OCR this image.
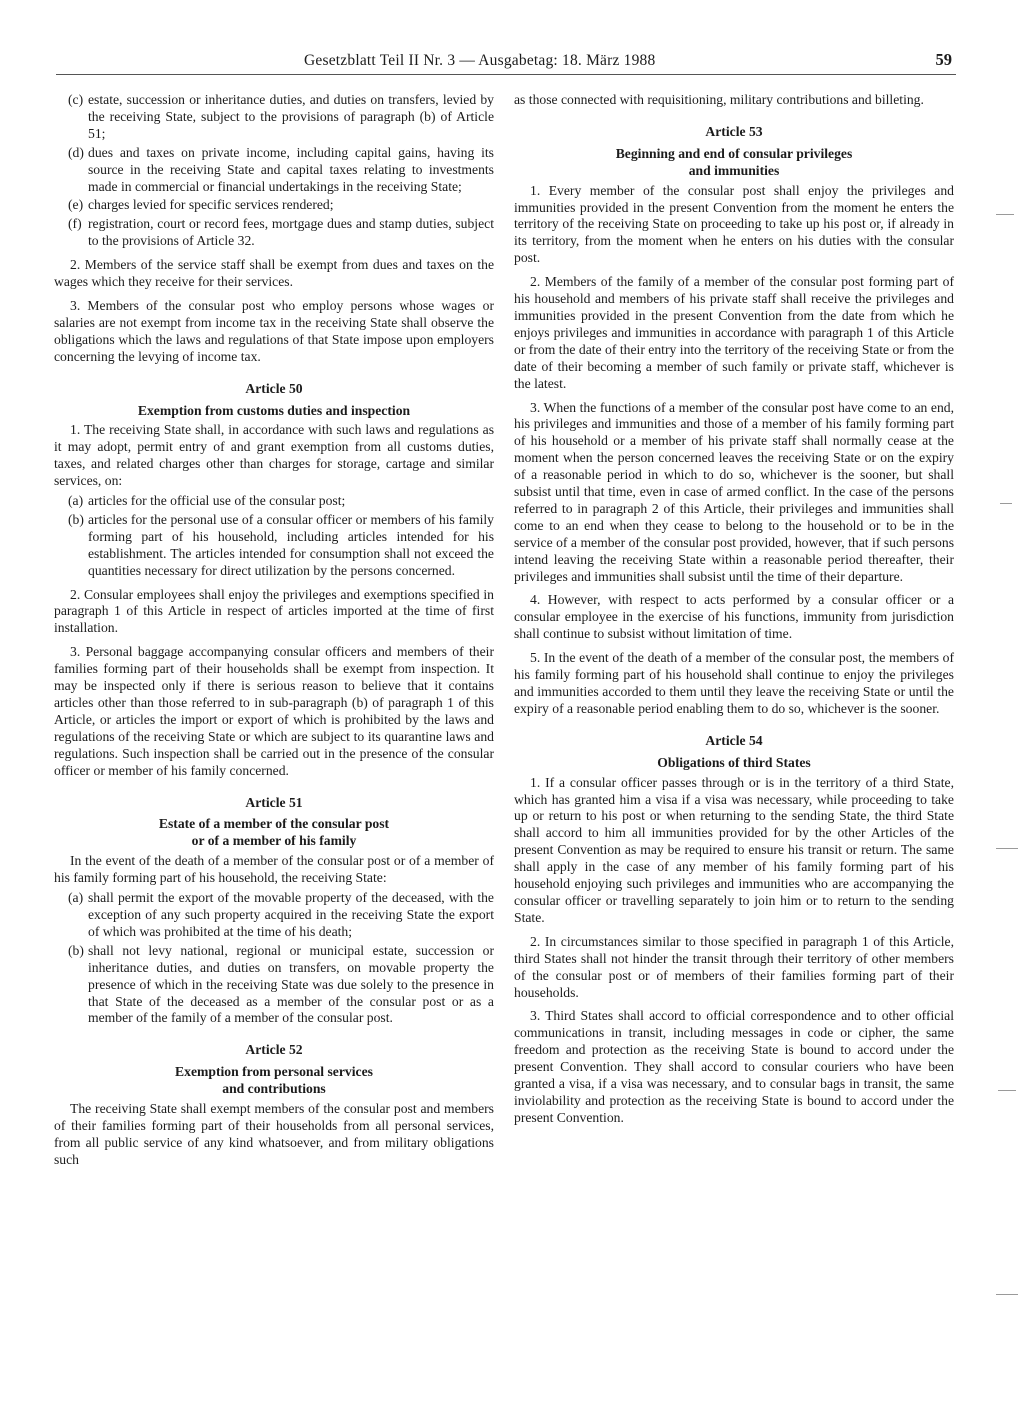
Gesetzblatt Teil II Nr. 3 — Ausgabetag: 18. März 1988	59
(c) estate, succession or inheritance duties, and duties on transfers, levied by the receiving State, subject to the provisions of paragraph (b) of Article 51;
(d) dues and taxes on private income, including capital gains, having its source in the receiving State and capital taxes relating to investments made in commercial or financial undertakings in the receiving State;
(e) charges levied for specific services rendered;
(f) registration, court or record fees, mortgage dues and stamp duties, subject to the provisions of Article 32.

2. Members of the service staff shall be exempt from dues and taxes on the wages which they receive for their services.

3. Members of the consular post who employ persons whose wages or salaries are not exempt from income tax in the receiving State shall observe the obligations which the laws and regulations of that State impose upon employers concerning the levying of income tax.

Article 50
Exemption from customs duties and inspection

1. The receiving State shall, in accordance with such laws and regulations as it may adopt, permit entry of and grant exemption from all customs duties, taxes, and related charges other than charges for storage, cartage and similar services, on:

(a) articles for the official use of the consular post;
(b) articles for the personal use of a consular officer or members of his family forming part of his household, including articles intended for his establishment. The articles intended for consumption shall not exceed the quantities necessary for direct utilization by the persons concerned.

2. Consular employees shall enjoy the privileges and exemptions specified in paragraph 1 of this Article in respect of articles imported at the time of first installation.

3. Personal baggage accompanying consular officers and members of their families forming part of their households shall be exempt from inspection. It may be inspected only if there is serious reason to believe that it contains articles other than those referred to in sub-paragraph (b) of paragraph 1 of this Article, or articles the import or export of which is prohibited by the laws and regulations of the receiving State or which are subject to its quarantine laws and regulations. Such inspection shall be carried out in the presence of the consular officer or member of his family concerned.

Article 51
Estate of a member of the consular post
or of a member of his family

In the event of the death of a member of the consular post or of a member of his family forming part of his household, the receiving State:

(a) shall permit the export of the movable property of the deceased, with the exception of any such property acquired in the receiving State the export of which was prohibited at the time of his death;
(b) shall not levy national, regional or municipal estate, succession or inheritance duties, and duties on transfers, on movable property the presence of which in the receiving State was due solely to the presence in that State of the deceased as a member of the consular post or as a member of the family of a member of the consular post.
Article 52
Exemption from personal services
and contributions

The receiving State shall exempt members of the consular post and members of their families forming part of their households from all personal services, from all public service of any kind whatsoever, and from military obligations such

as those connected with requisitioning, military contributions and billeting.

Article 53
Beginning and end of consular privileges
and immunities

1. Every member of the consular post shall enjoy the privileges and immunities provided in the present Convention from the moment he enters the territory of the receiving State on proceeding to take up his post or, if already in its territory, from the moment when he enters on his duties with the consular post.

2. Members of the family of a member of the consular post forming part of his household and members of his private staff shall receive the privileges and immunities provided in the present Convention from the date from which he enjoys privileges and immunities in accordance with paragraph 1 of this Article or from the date of their entry into the territory of the receiving State or from the date of their becoming a member of such family or private staff, whichever is the latest.

3. When the functions of a member of the consular post have come to an end, his privileges and immunities and those of a member of his family forming part of his household or a member of his private staff shall normally cease at the moment when the person concerned leaves the receiving State or on the expiry of a reasonable period in which to do so, whichever is the sooner, but shall subsist until that time, even in case of armed conflict. In the case of the persons referred to in paragraph 2 of this Article, their privileges and immunities shall come to an end when they cease to belong to the household or to be in the service of a member of the consular post provided, however, that if such persons intend leaving the receiving State within a reasonable period thereafter, their privileges and immunities shall subsist until the time of their departure.

4. However, with respect to acts performed by a consular officer or a consular employee in the exercise of his functions, immunity from jurisdiction shall continue to subsist without limitation of time.

5. In the event of the death of a member of the consular post, the members of his family forming part of his household shall continue to enjoy the privileges and immunities accorded to them until they leave the receiving State or until the expiry of a reasonable period enabling them to do so, whichever is the sooner.

Article 54
Obligations of third States

1. If a consular officer passes through or is in the territory of a third State, which has granted him a visa if a visa was necessary, while proceeding to take up or return to his post or when returning to the sending State, the third State shall accord to him all immunities provided for by the other Articles of the present Convention as may be required to ensure his transit or return. The same shall apply in the case of any member of his family forming part of his household enjoying such privileges and immunities who are accompanying the consular officer or travelling separately to join him or to return to the sending State.

2. In circumstances similar to those specified in paragraph 1 of this Article, third States shall not hinder the transit through their territory of other members of the consular post or of members of their families forming part of their households.

3. Third States shall accord to official correspondence and to other official communications in transit, including messages in code or cipher, the same freedom and protection as the receiving State is bound to accord under the present Convention. They shall accord to consular couriers who have been granted a visa, if a visa was necessary, and to consular bags in transit, the same inviolability and protection as the receiving State is bound to accord under the present Convention.
